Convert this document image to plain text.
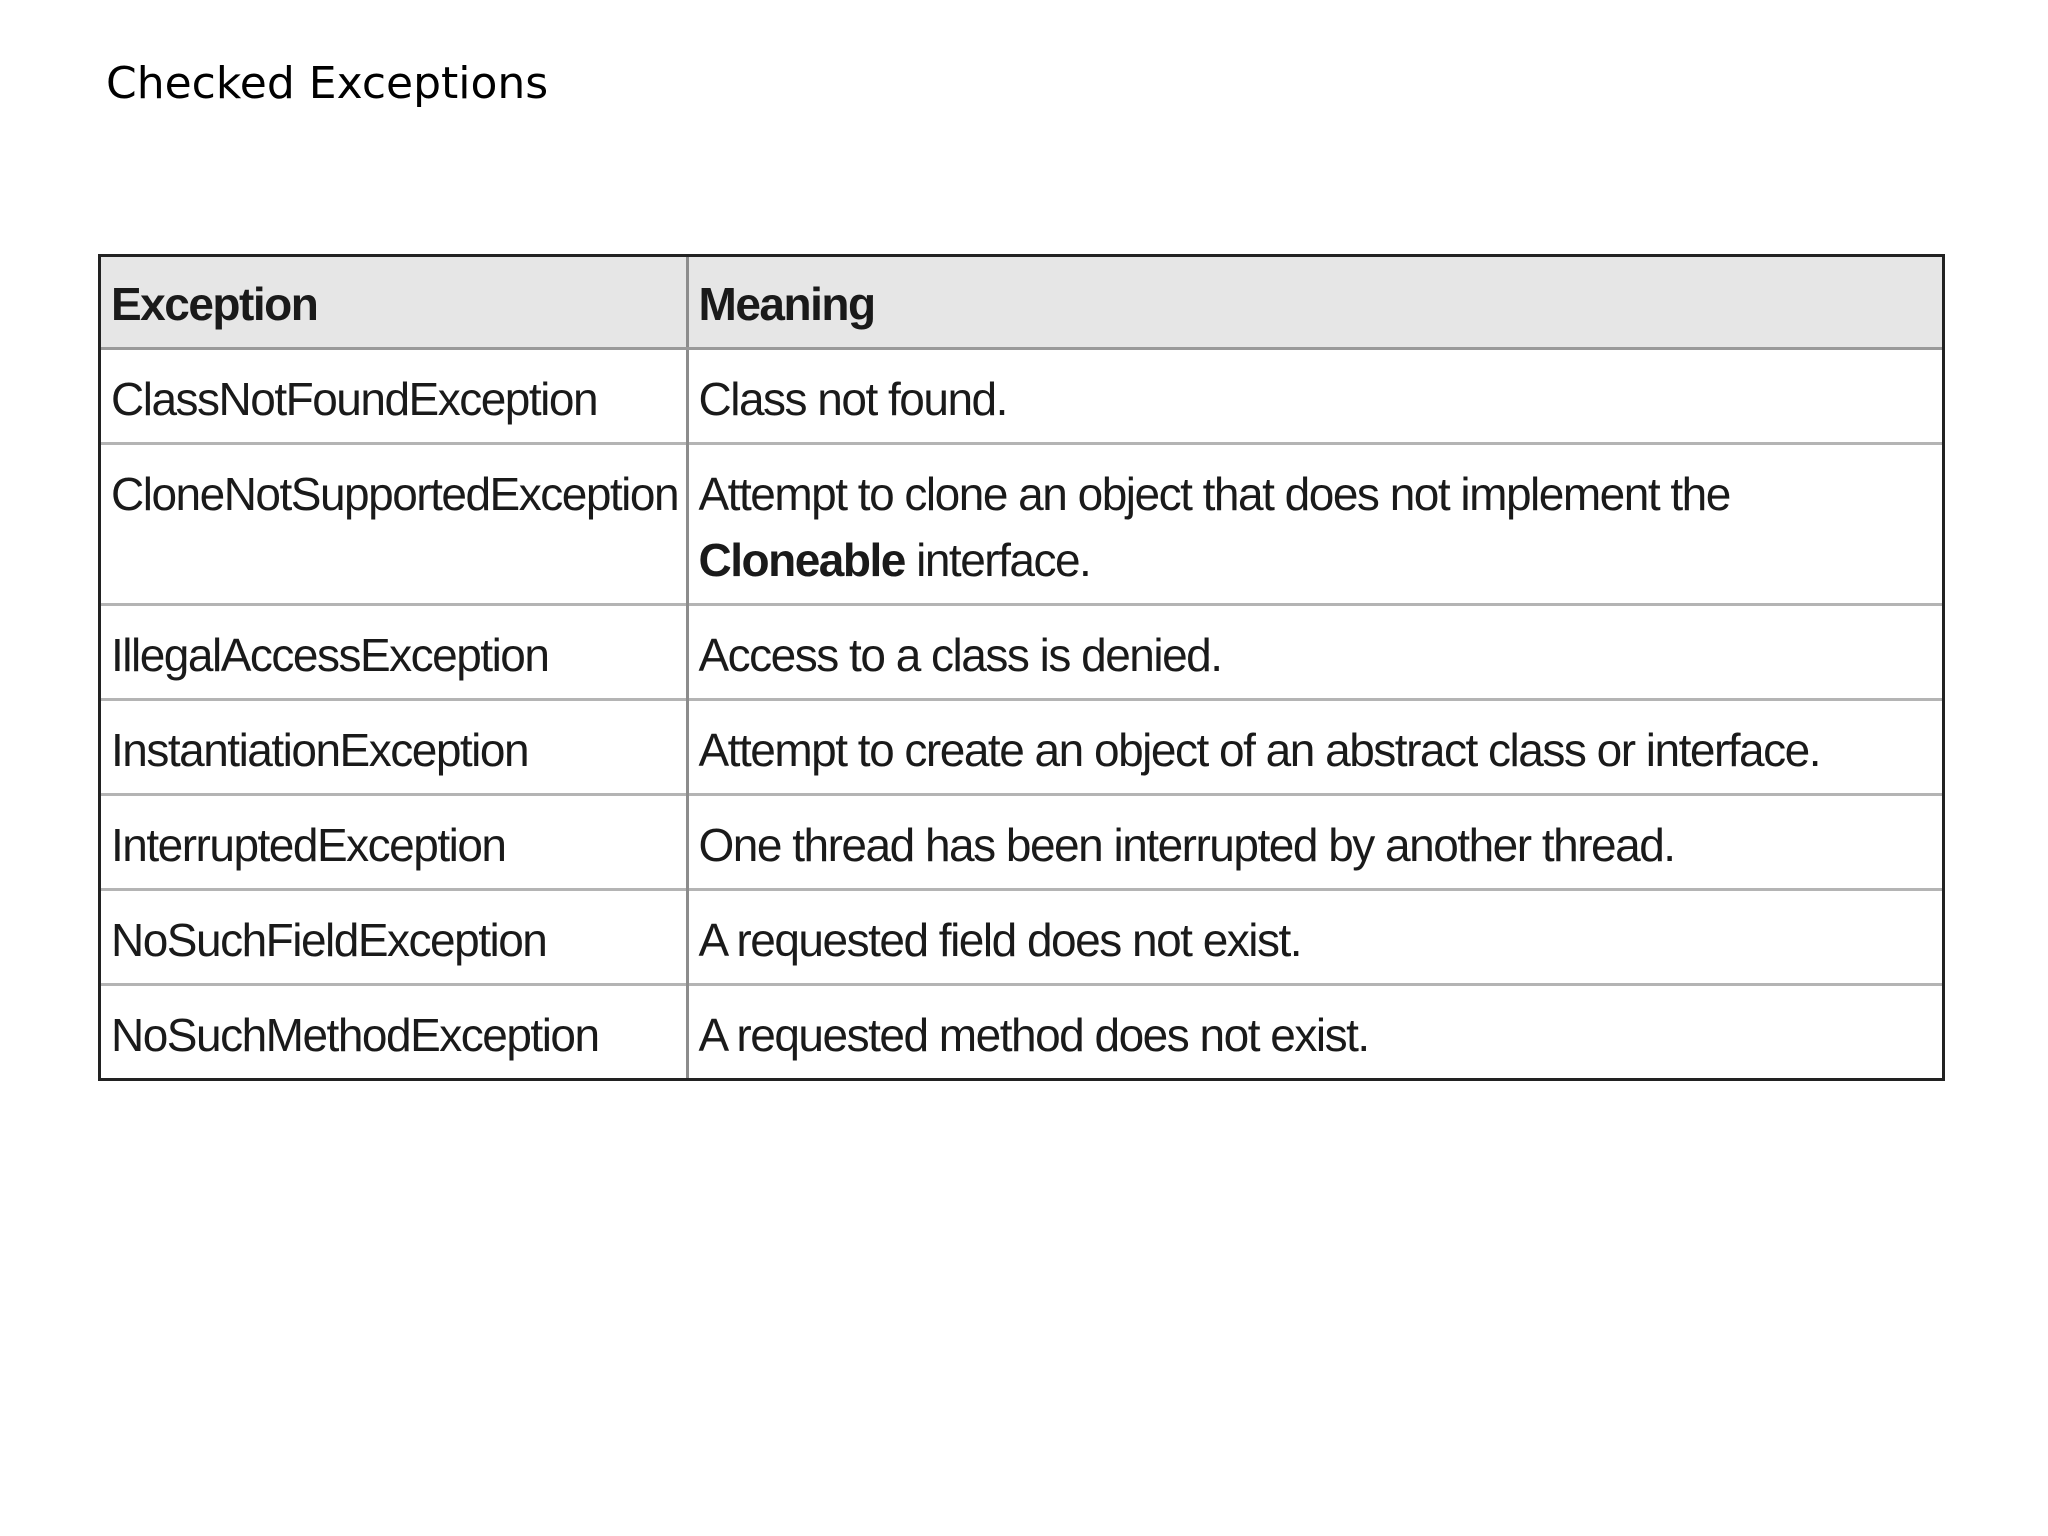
Checked Exceptions
Exception	Meaning
ClassNotFoundException	Class not found.
CloneNotSupportedException	Attempt to clone an object that does not implement the Cloneable interface.
IllegalAccessException	Access to a class is denied.
InstantiationException	Attempt to create an object of an abstract class or interface.
InterruptedException	One thread has been interrupted by another thread.
NoSuchFieldException	A requested field does not exist.
NoSuchMethodException	A requested method does not exist.
